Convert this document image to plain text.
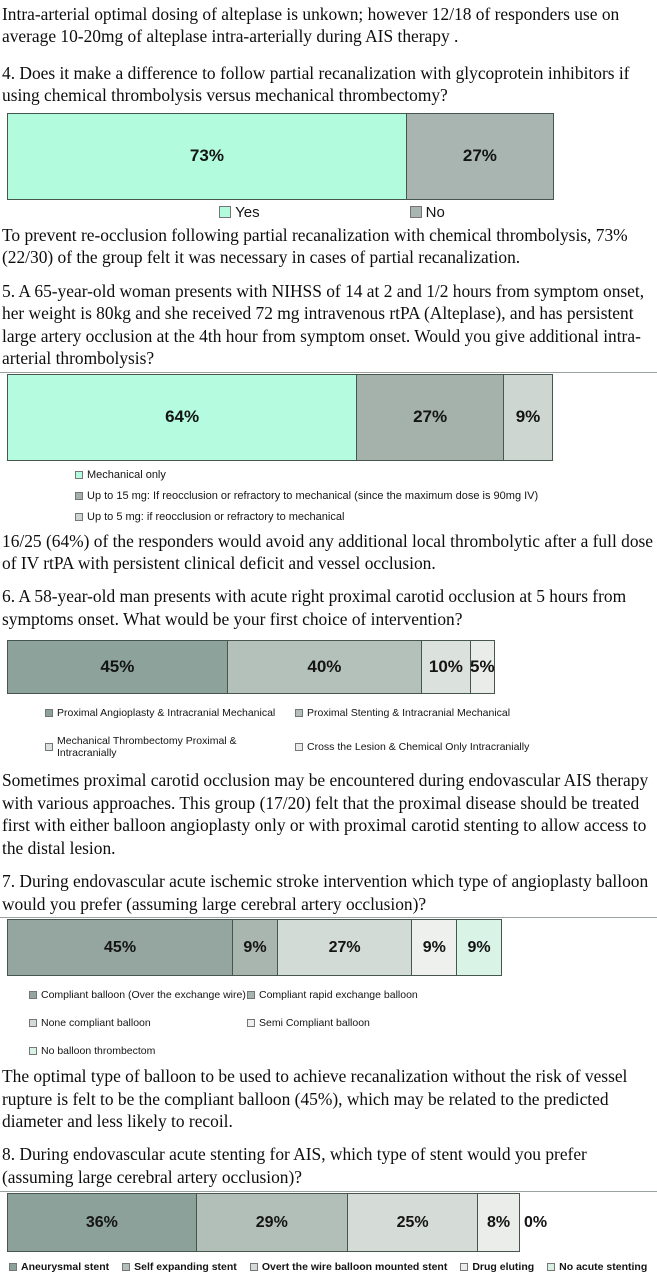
Intra-arterial optimal dosing of alteplase is unkown; however 12/18 of responders use on average 10-20mg of alteplase intra-arterially during AIS therapy .

4. Does it make a difference to follow partial recanalization with glycoprotein inhibitors if using chemical thrombolysis versus mechanical thrombectomy?

73%	27%
Yes	No

To prevent re-occlusion following partial recanalization with chemical thrombolysis, 73% (22/30) of the group felt it was necessary in cases of partial recanalization.

5. A 65-year-old woman presents with NIHSS of 14 at 2 and 1/2 hours from symptom onset, her weight is 80kg and she received 72 mg intravenous rtPA (Alteplase), and has persistent large artery occlusion at the 4th hour from symptom onset. Would you give additional intra-arterial thrombolysis?

64%	27%	9%
Mechanical only
Up to 15 mg: If reocclusion or refractory to mechanical (since the maximum dose is 90mg IV)
Up to 5 mg: if reocclusion or refractory to mechanical

16/25 (64%) of the responders would avoid any additional local thrombolytic after a full dose of IV rtPA with persistent clinical deficit and vessel occlusion.

6. A 58-year-old man presents with acute right proximal carotid occlusion at 5 hours from symptoms onset. What would be your first choice of intervention?

45%	40%	10% 5%
Proximal Angioplasty & Intracranial Mechanical	Proximal Stenting & Intracranial Mechanical
Mechanical Thrombectomy Proximal & Intracranially	Cross the Lesion & Chemical Only Intracranially

Sometimes proximal carotid occlusion may be encountered during endovascular AIS therapy with various approaches. This group (17/20) felt that the proximal disease should be treated first with either balloon angioplasty only or with proximal carotid stenting to allow access to the distal lesion.

7. During endovascular acute ischemic stroke intervention which type of angioplasty balloon would you prefer (assuming large cerebral artery occlusion)?

45%	9%	27%	9% 9%
Compliant balloon (Over the exchange wire) Compliant rapid exchange balloon
None compliant balloon	Semi Compliant balloon
No balloon thrombectom

The optimal type of balloon to be used to achieve recanalization without the risk of vessel rupture is felt to be the compliant balloon (45%), which may be related to the predicted diameter and less likely to recoil.

8. During endovascular acute stenting for AIS, which type of stent would you prefer (assuming large cerebral artery occlusion)?

36%	29%	25%	8% 0%
Aneurysmal stent Self expanding stent Overt the wire balloon mounted stent Drug eluting No acute stenting
